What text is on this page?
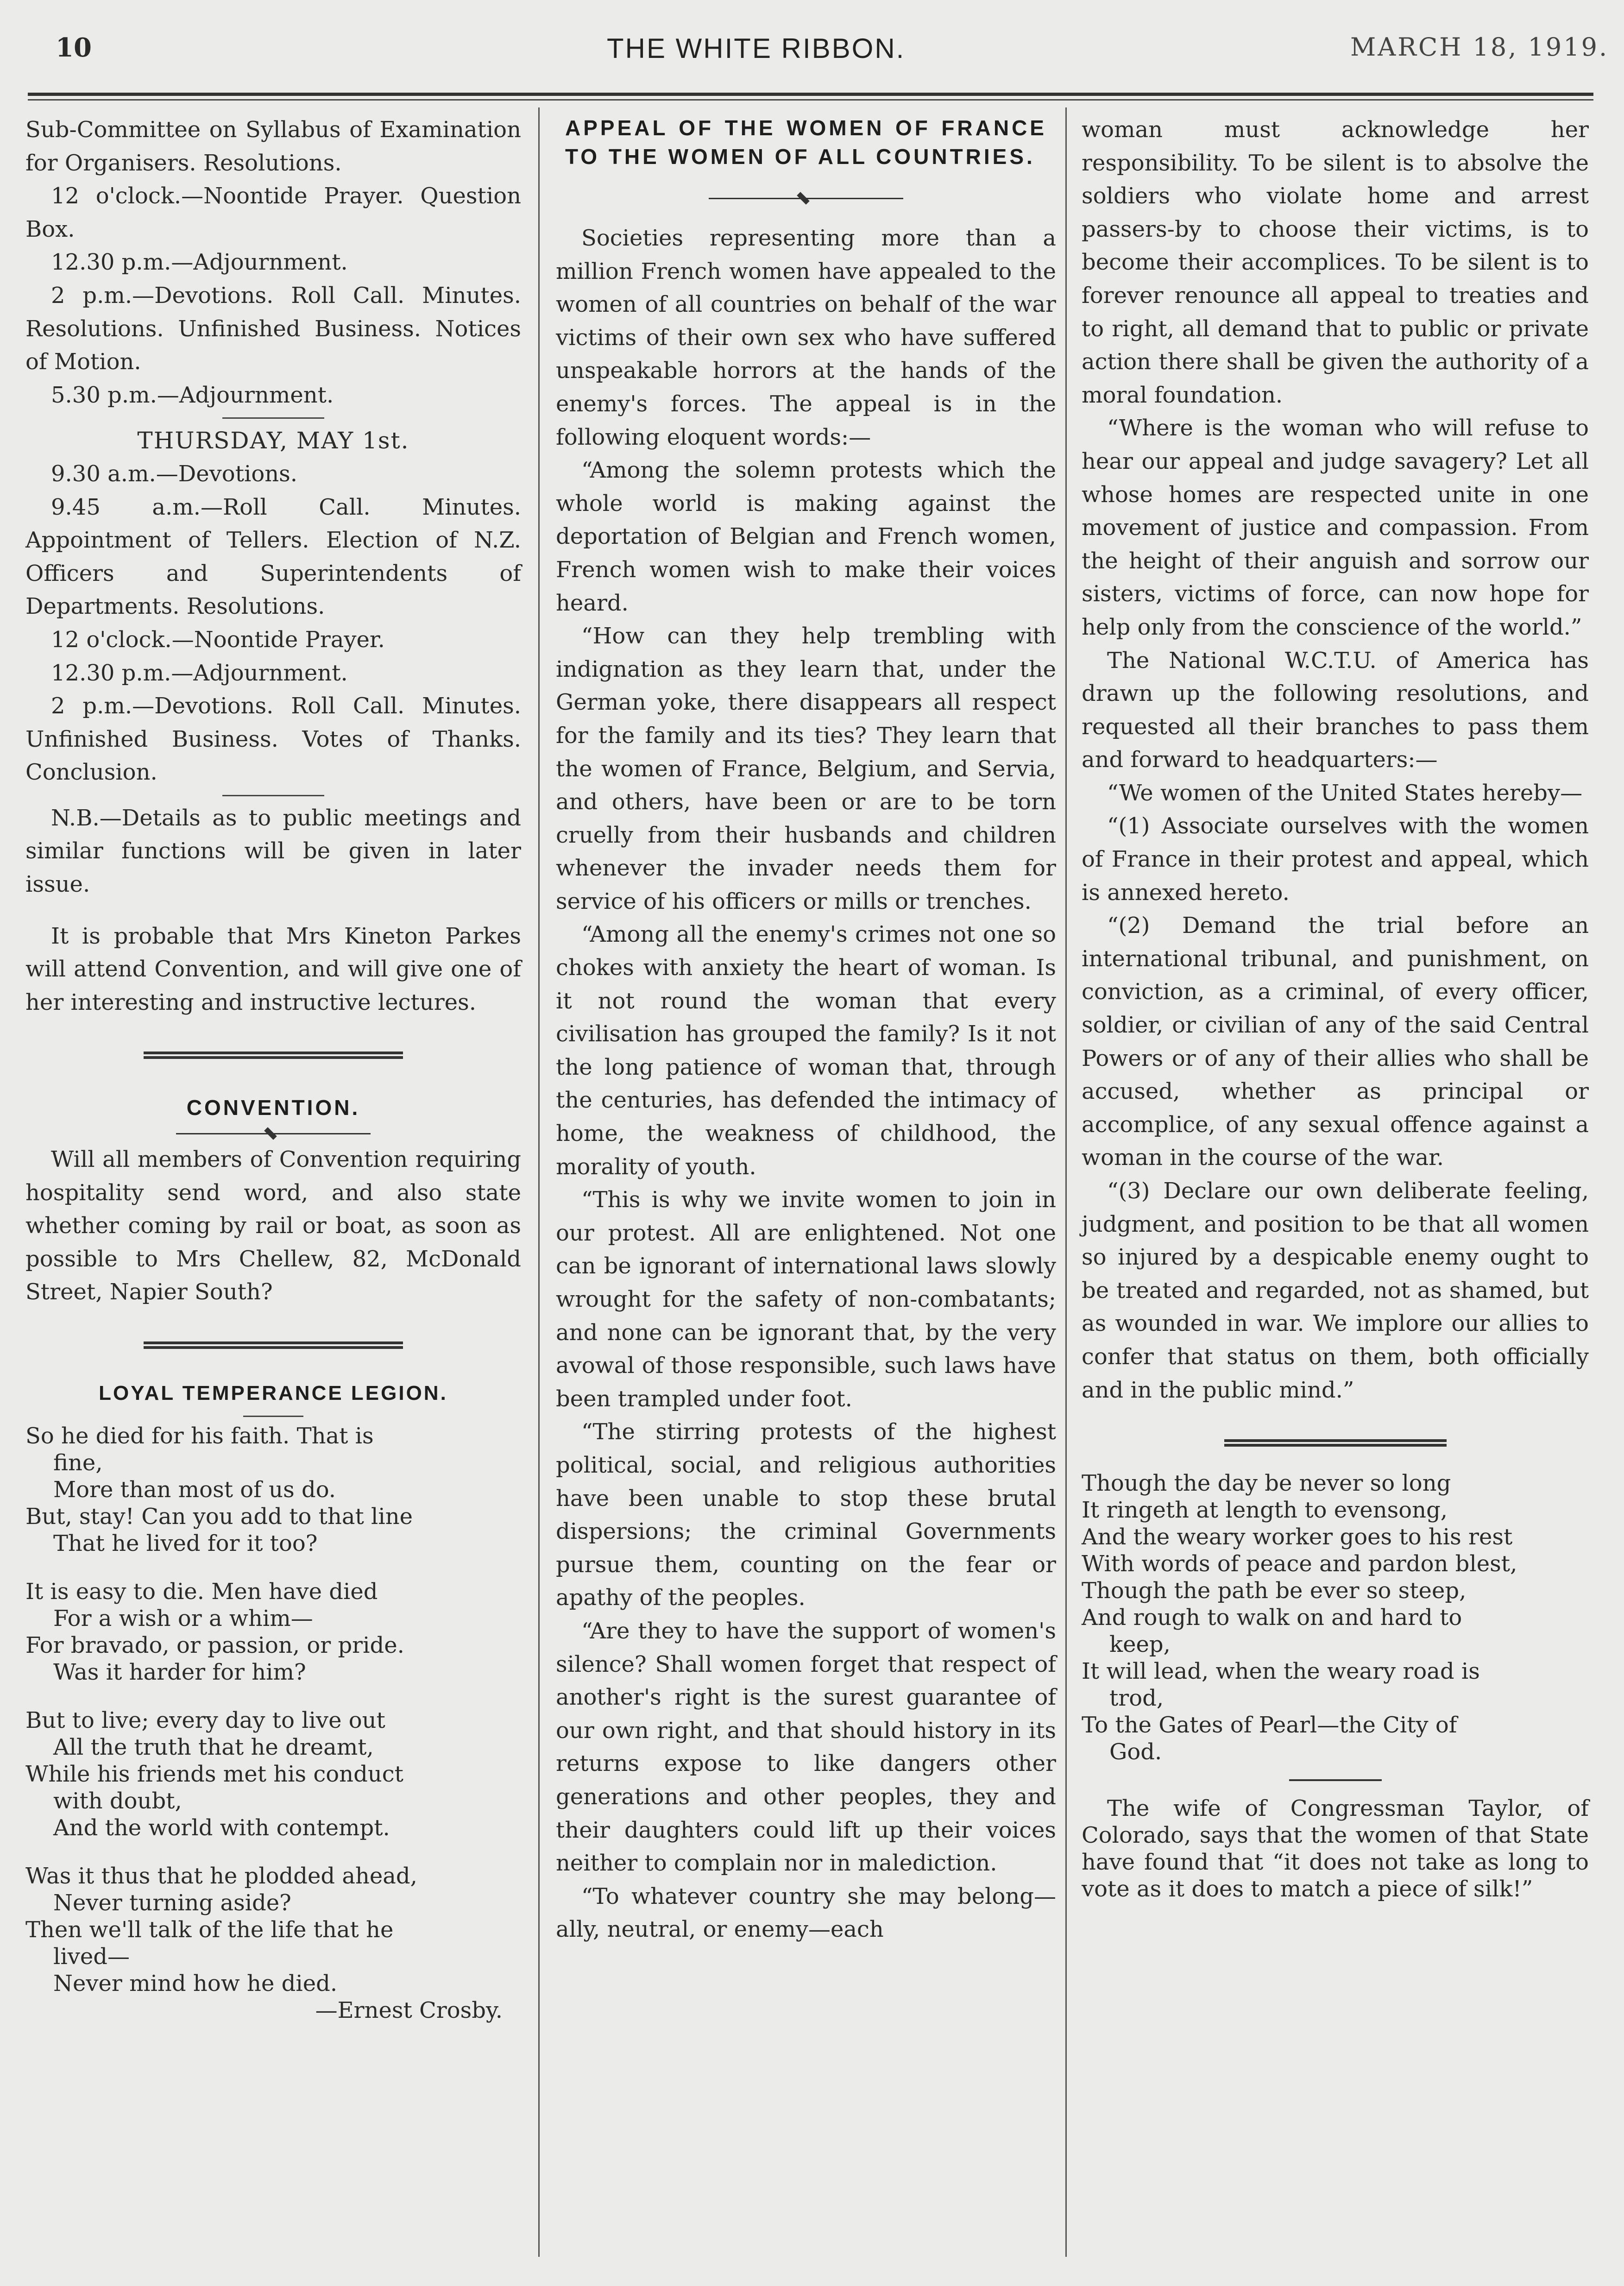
10	THE WHITE RIBBON.	MARCH 18, 1919.

Sub-Committee on Syllabus of Examination for Organisers. Resolutions.

12 o'clock.—Noontide Prayer. Question Box.

12.30 p.m.—Adjournment.

2 p.m.—Devotions. Roll Call. Minutes. Resolutions. Unfinished Business. Notices of Motion.

5.30 p.m.—Adjournment.

THURSDAY, MAY 1st.

9.30 a.m.—Devotions.

9.45 a.m.—Roll Call. Minutes. Appointment of Tellers. Election of N.Z. Officers and Superintendents of Departments. Resolutions.

12 o'clock.—Noontide Prayer.

12.30 p.m.—Adjournment.

2 p.m.—Devotions. Roll Call. Minutes. Unfinished Business. Votes of Thanks. Conclusion.

N.B.—Details as to public meetings and similar functions will be given in later issue.

It is probable that Mrs Kineton Parkes will attend Convention, and will give one of her interesting and instructive lectures.

CONVENTION.

Will all members of Convention requiring hospitality send word, and also state whether coming by rail or boat, as soon as possible to Mrs Chellew, 82, McDonald Street, Napier South?

LOYAL TEMPERANCE LEGION.

So he died for his faith. That is

fine,

More than most of us do.

But, stay! Can you add to that line

That he lived for it too?

It is easy to die. Men have died

For a wish or a whim—

For bravado, or passion, or pride.

Was it harder for him?

But to live; every day to live out

All the truth that he dreamt,

While his friends met his conduct

with doubt,

And the world with contempt.

Was it thus that he plodded ahead,

Never turning aside?

Then we'll talk of the life that he

lived—

Never mind how he died.

—Ernest Crosby.

APPEAL OF THE WOMEN OF FRANCE TO THE WOMEN OF ALL COUNTRIES.

Societies representing more than a million French women have appealed to the women of all countries on behalf of the war victims of their own sex who have suffered unspeakable horrors at the hands of the enemy's forces. The appeal is in the following eloquent words:—

“Among the solemn protests which the whole world is making against the deportation of Belgian and French women, French women wish to make their voices heard.

“How can they help trembling with indignation as they learn that, under the German yoke, there disappears all respect for the family and its ties? They learn that the women of France, Belgium, and Servia, and others, have been or are to be torn cruelly from their husbands and children whenever the invader needs them for service of his officers or mills or trenches.

“Among all the enemy's crimes not one so chokes with anxiety the heart of woman. Is it not round the woman that every civilisation has grouped the family? Is it not the long patience of woman that, through the centuries, has defended the intimacy of home, the weakness of childhood, the morality of youth.

“This is why we invite women to join in our protest. All are enlightened. Not one can be ignorant of international laws slowly wrought for the safety of non-combatants; and none can be ignorant that, by the very avowal of those responsible, such laws have been trampled under foot.

“The stirring protests of the highest political, social, and religious authorities have been unable to stop these brutal dispersions; the criminal Governments pursue them, counting on the fear or apathy of the peoples.

“Are they to have the support of women's silence? Shall women forget that respect of another's right is the surest guarantee of our own right, and that should history in its returns expose to like dangers other generations and other peoples, they and their daughters could lift up their voices neither to complain nor in malediction.

“To whatever country she may belong—ally, neutral, or enemy—each

woman must acknowledge her responsibility. To be silent is to absolve the soldiers who violate home and arrest passers-by to choose their victims, is to become their accomplices. To be silent is to forever renounce all appeal to treaties and to right, all demand that to public or private action there shall be given the authority of a moral foundation.

“Where is the woman who will refuse to hear our appeal and judge savagery? Let all whose homes are respected unite in one movement of justice and compassion. From the height of their anguish and sorrow our sisters, victims of force, can now hope for help only from the conscience of the world.”

The National W.C.T.U. of America has drawn up the following resolutions, and requested all their branches to pass them and forward to headquarters:—

“We women of the United States hereby—

“(1) Associate ourselves with the women of France in their protest and appeal, which is annexed hereto.

“(2) Demand the trial before an international tribunal, and punishment, on conviction, as a criminal, of every officer, soldier, or civilian of any of the said Central Powers or of any of their allies who shall be accused, whether as principal or accomplice, of any sexual offence against a woman in the course of the war.

“(3) Declare our own deliberate feeling, judgment, and position to be that all women so injured by a despicable enemy ought to be treated and regarded, not as shamed, but as wounded in war. We implore our allies to confer that status on them, both officially and in the public mind.”

Though the day be never so long

It ringeth at length to evensong,

And the weary worker goes to his rest

With words of peace and pardon blest,

Though the path be ever so steep,

And rough to walk on and hard to

keep,

It will lead, when the weary road is

trod,

To the Gates of Pearl—the City of

God.

The wife of Congressman Taylor, of Colorado, says that the women of that State have found that “it does not take as long to vote as it does to match a piece of silk!”
